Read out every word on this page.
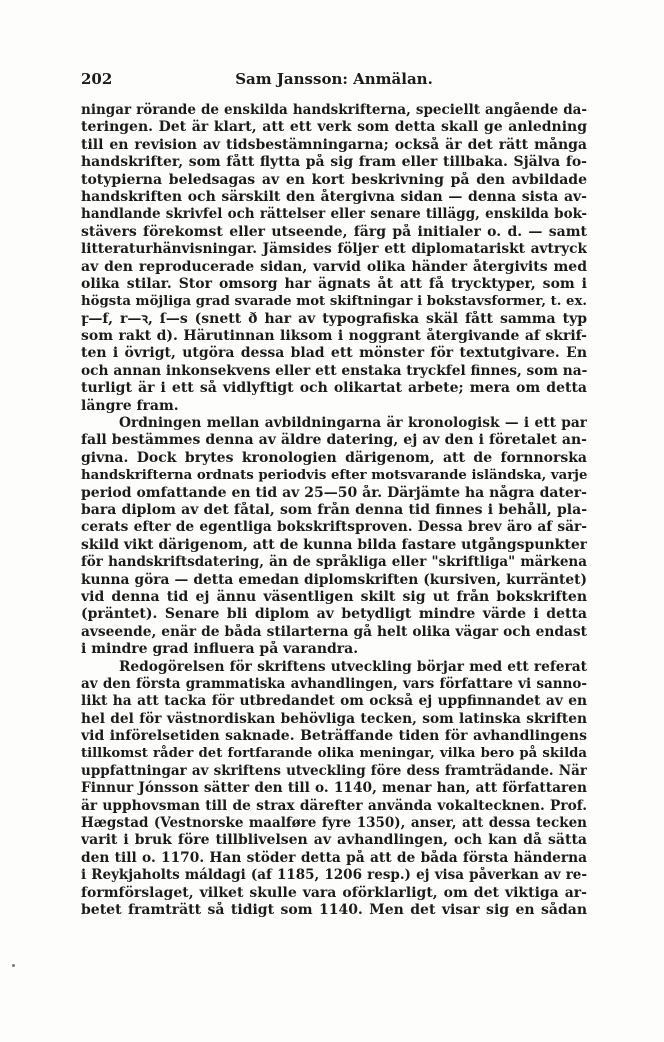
202	Sam Jansson: Anmälan.
ningar rörande de enskilda handskrifterna, speciellt angående da-
teringen. Det är klart, att ett verk som detta skall ge anledning
till en revision av tidsbestämningarna; också är det rätt många
handskrifter, som fått flytta på sig fram eller tillbaka. Själva fo-
totypierna beledsagas av en kort beskrivning på den avbildade
handskriften och särskilt den återgivna sidan — denna sista av-
handlande skrivfel och rättelser eller senare tillägg, enskilda bok-
stävers förekomst eller utseende, färg på initialer o. d. — samt
litteraturhänvisningar. Jämsides följer ett diplomatariskt avtryck
av den reproducerade sidan, varvid olika händer återgivits med
olika stilar. Stor omsorg har ägnats åt att få trycktyper, som i
högsta möjliga grad svarade mot skiftningar i bokstavsformer, t. ex.
ꝼ—f, r—ꝛ, ſ—s (snett ð har av typografiska skäl fått samma typ
som rakt d). Härutinnan liksom i noggrant återgivande af skrif-
ten i övrigt, utgöra dessa blad ett mönster för textutgivare. En
och annan inkonsekvens eller ett enstaka tryckfel finnes, som na-
turligt är i ett så vidlyftigt och olikartat arbete; mera om detta
längre fram.
Ordningen mellan avbildningarna är kronologisk — i ett par
fall bestämmes denna av äldre datering, ej av den i företalet an-
givna. Dock brytes kronologien därigenom, att de fornnorska
handskrifterna ordnats periodvis efter motsvarande isländska, varje
period omfattande en tid av 25—50 år. Därjämte ha några dater-
bara diplom av det fåtal, som från denna tid finnes i behåll, pla-
cerats efter de egentliga bokskriftsproven. Dessa brev äro af sär-
skild vikt därigenom, att de kunna bilda fastare utgångspunkter
för handskriftsdatering, än de språkliga eller "skriftliga" märkena
kunna göra — detta emedan diplomskriften (kursiven, kurräntet)
vid denna tid ej ännu väsentligen skilt sig ut från bokskriften
(präntet). Senare bli diplom av betydligt mindre värde i detta
avseende, enär de båda stilarterna gå helt olika vägar och endast
i mindre grad influera på varandra.
Redogörelsen för skriftens utveckling börjar med ett referat
av den första grammatiska avhandlingen, vars författare vi sanno-
likt ha att tacka för utbredandet om också ej uppfinnandet av en
hel del för västnordiskan behövliga tecken, som latinska skriften
vid införelsetiden saknade. Beträffande tiden för avhandlingens
tillkomst råder det fortfarande olika meningar, vilka bero på skilda
uppfattningar av skriftens utveckling före dess framträdande. När
Finnur Jónsson sätter den till o. 1140, menar han, att författaren
är upphovsman till de strax därefter använda vokaltecknen. Prof.
Hægstad (Vestnorske maalføre fyre 1350), anser, att dessa tecken
varit i bruk före tillblivelsen av avhandlingen, och kan då sätta
den till o. 1170. Han stöder detta på att de båda första händerna
i Reykjaholts máldagi (af 1185, 1206 resp.) ej visa påverkan av re-
formförslaget, vilket skulle vara oförklarligt, om det viktiga ar-
betet framträtt så tidigt som 1140. Men det visar sig en sådan
